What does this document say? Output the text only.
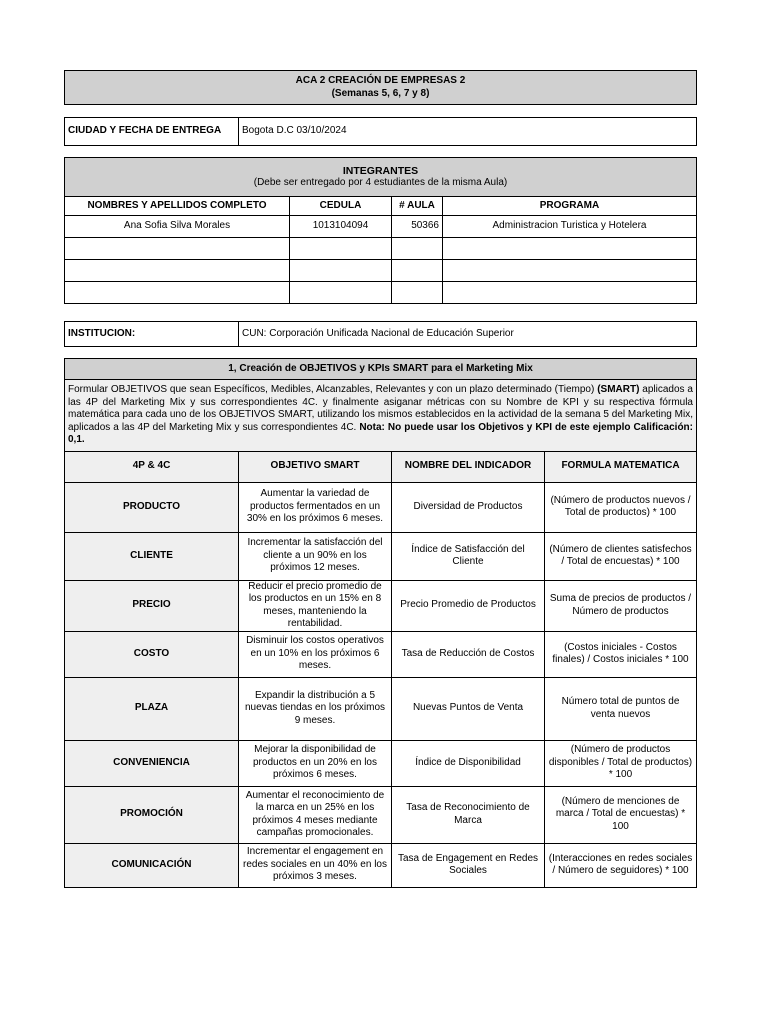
ACA 2 CREACIÓN DE EMPRESAS 2
(Semanas 5, 6, 7 y 8)
CIUDAD Y FECHA DE ENTREGA	Bogota D.C 03/10/2024
INTEGRANTES
(Debe ser entregado por 4 estudiantes de la misma Aula)			

NOMBRES Y APELLIDOS COMPLETO	CEDULA	# AULA	PROGRAMA
Ana Sofia Silva Morales	1013104094	50366	Administracion Turistica y Hotelera

INSTITUCION:	CUN: Corporación Unificada Nacional de Educación Superior
1, Creación de OBJETIVOS y KPIs SMART para el Marketing Mix			
Formular OBJETIVOS que sean Específicos, Medibles, Alcanzables, Relevantes y con un plazo determinado (Tiempo) (SMART) aplicados a las 4P del Marketing Mix y sus correspondientes 4C. y finalmente asiganar métricas con su Nombre de KPI y su respectiva fórmula matemática para cada uno de los OBJETIVOS SMART, utilizando los mismos establecidos en la actividad de la semana 5 del Marketing Mix, aplicados a las 4P del Marketing Mix y sus correspondientes 4C. Nota: No puede usar los Objetivos y KPI de este ejemplo Calificación: 0,1.			
4P & 4C	OBJETIVO SMART	NOMBRE DEL INDICADOR	FORMULA MATEMATICA
PRODUCTO	Aumentar la variedad de productos fermentados en un 30% en los próximos 6 meses.	Diversidad de Productos	(Número de productos nuevos / Total de productos) * 100
CLIENTE	Incrementar la satisfacción del cliente a un 90% en los próximos 12 meses.	Índice de Satisfacción del Cliente	(Número de clientes satisfechos / Total de encuestas) * 100
PRECIO	Reducir el precio promedio de los productos en un 15% en 8 meses, manteniendo la rentabilidad.	Precio Promedio de Productos	Suma de precios de productos / Número de productos
COSTO	Disminuir los costos operativos en un 10% en los próximos 6 meses.	Tasa de Reducción de Costos	(Costos iniciales - Costos finales) / Costos iniciales * 100
PLAZA	Expandir la distribución a 5 nuevas tiendas en los próximos 9 meses.	Nuevas Puntos de Venta	Número total de puntos de venta nuevos
CONVENIENCIA	Mejorar la disponibilidad de productos en un 20% en los próximos 6 meses.	Índice de Disponibilidad	(Número de productos disponibles / Total de productos) * 100
PROMOCIÓN	Aumentar el reconocimiento de la marca en un 25% en los próximos 4 meses mediante campañas promocionales.	Tasa de Reconocimiento de Marca	(Número de menciones de marca / Total de encuestas) * 100
COMUNICACIÓN	Incrementar el engagement en redes sociales en un 40% en los próximos 3 meses.	Tasa de Engagement en Redes Sociales	(Interacciones en redes sociales / Número de seguidores) * 100
